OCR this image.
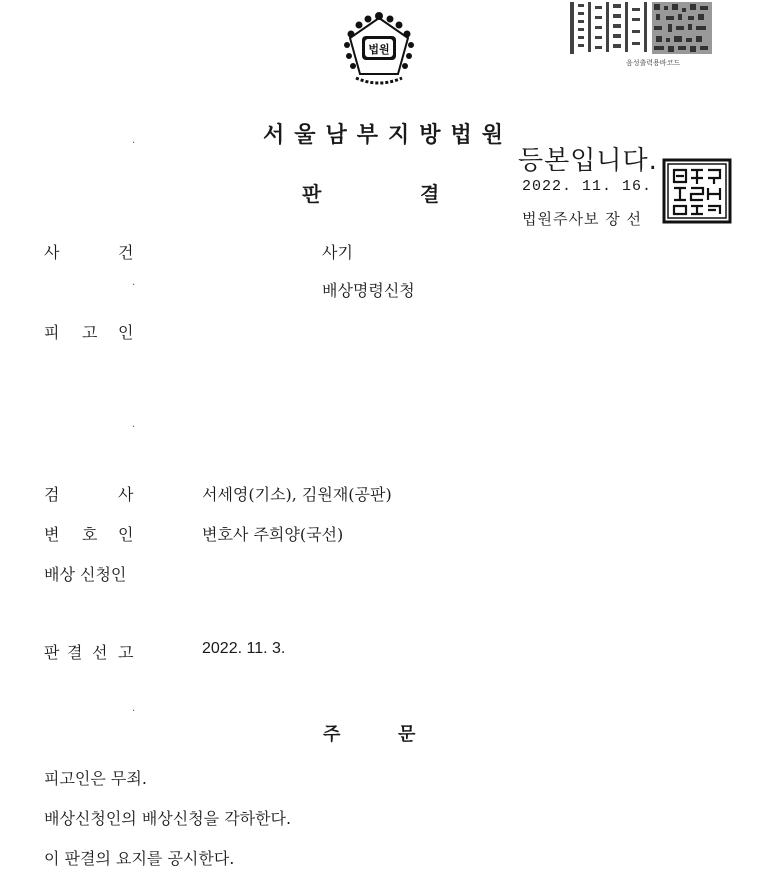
법원
음성출력용바코드
서울남부지방법원
판	결
등본입니다.
2022. 11. 16.
법원주사보 장 선
사	건	사기
배상명령신청
·
피 고 인
·
·
검	사	서세영(기소), 김원재(공판)
변 호 인	변호사 주희양(국선)
배상 신청인
판 결 선 고	2022. 11. 3.
·
주	문
피고인은 무죄.
배상신청인의 배상신청을 각하한다.
이 판결의 요지를 공시한다.
